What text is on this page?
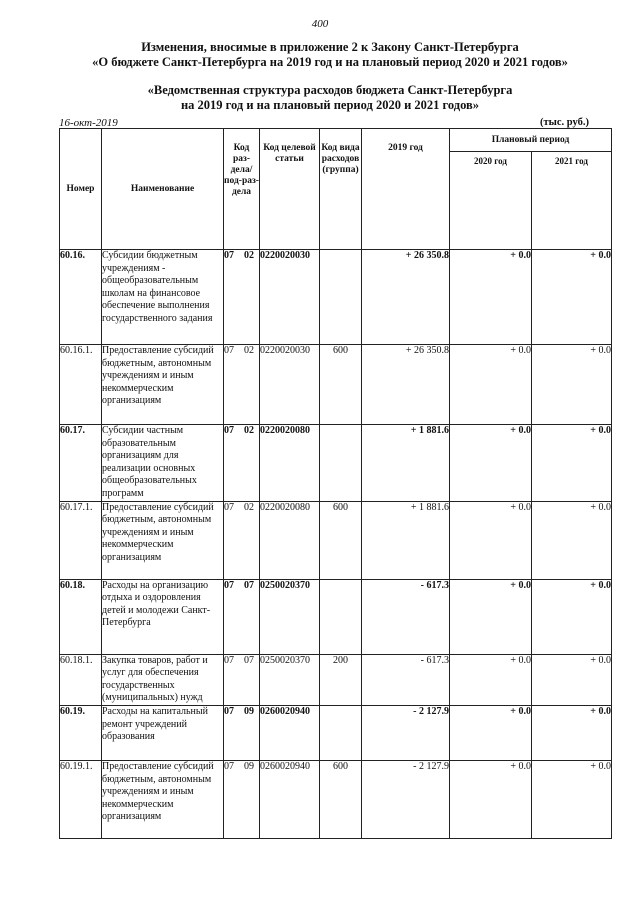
400
Изменения, вносимые в приложение 2 к Закону Санкт-Петербурга
«О бюджете Санкт-Петербурга на 2019 год и на плановый период 2020 и 2021 годов»
«Ведомственная структура расходов бюджета Санкт-Петербурга
на 2019 год и на плановый период 2020 и 2021 годов»
16-окт-2019	(тыс. руб.)
Номер	Наименование	Код раз-дела/ под-раз-дела	Код целевой статьи	Код вида расходов (группа)	2019 год	Плановый период	
						2020 год	2021 год
60.16.	Субсидии бюджетным учреждениям - общеобразовательным школам на финансовое обеспечение выполнения государственного задания	07 02	0220020030		+ 26 350.8	+ 0.0	+ 0.0
60.16.1.	Предоставление субсидий бюджетным, автономным учреждениям и иным некоммерческим организациям	07 02	0220020030	600	+ 26 350.8	+ 0.0	+ 0.0
60.17.	Субсидии частным образовательным организациям для реализации основных общеобразовательных программ	07 02	0220020080		+ 1 881.6	+ 0.0	+ 0.0
60.17.1.	Предоставление субсидий бюджетным, автономным учреждениям и иным некоммерческим организациям	07 02	0220020080	600	+ 1 881.6	+ 0.0	+ 0.0
60.18.	Расходы на организацию отдыха и оздоровления детей и молодежи Санкт-Петербурга	07 07	0250020370		- 617.3	+ 0.0	+ 0.0
60.18.1.	Закупка товаров, работ и услуг для обеспечения государственных (муниципальных) нужд	07 07	0250020370	200	- 617.3	+ 0.0	+ 0.0
60.19.	Расходы на капитальный ремонт учреждений образования	07 09	0260020940		- 2 127.9	+ 0.0	+ 0.0
60.19.1.	Предоставление субсидий бюджетным, автономным учреждениям и иным некоммерческим организациям	07 09	0260020940	600	- 2 127.9	+ 0.0	+ 0.0
